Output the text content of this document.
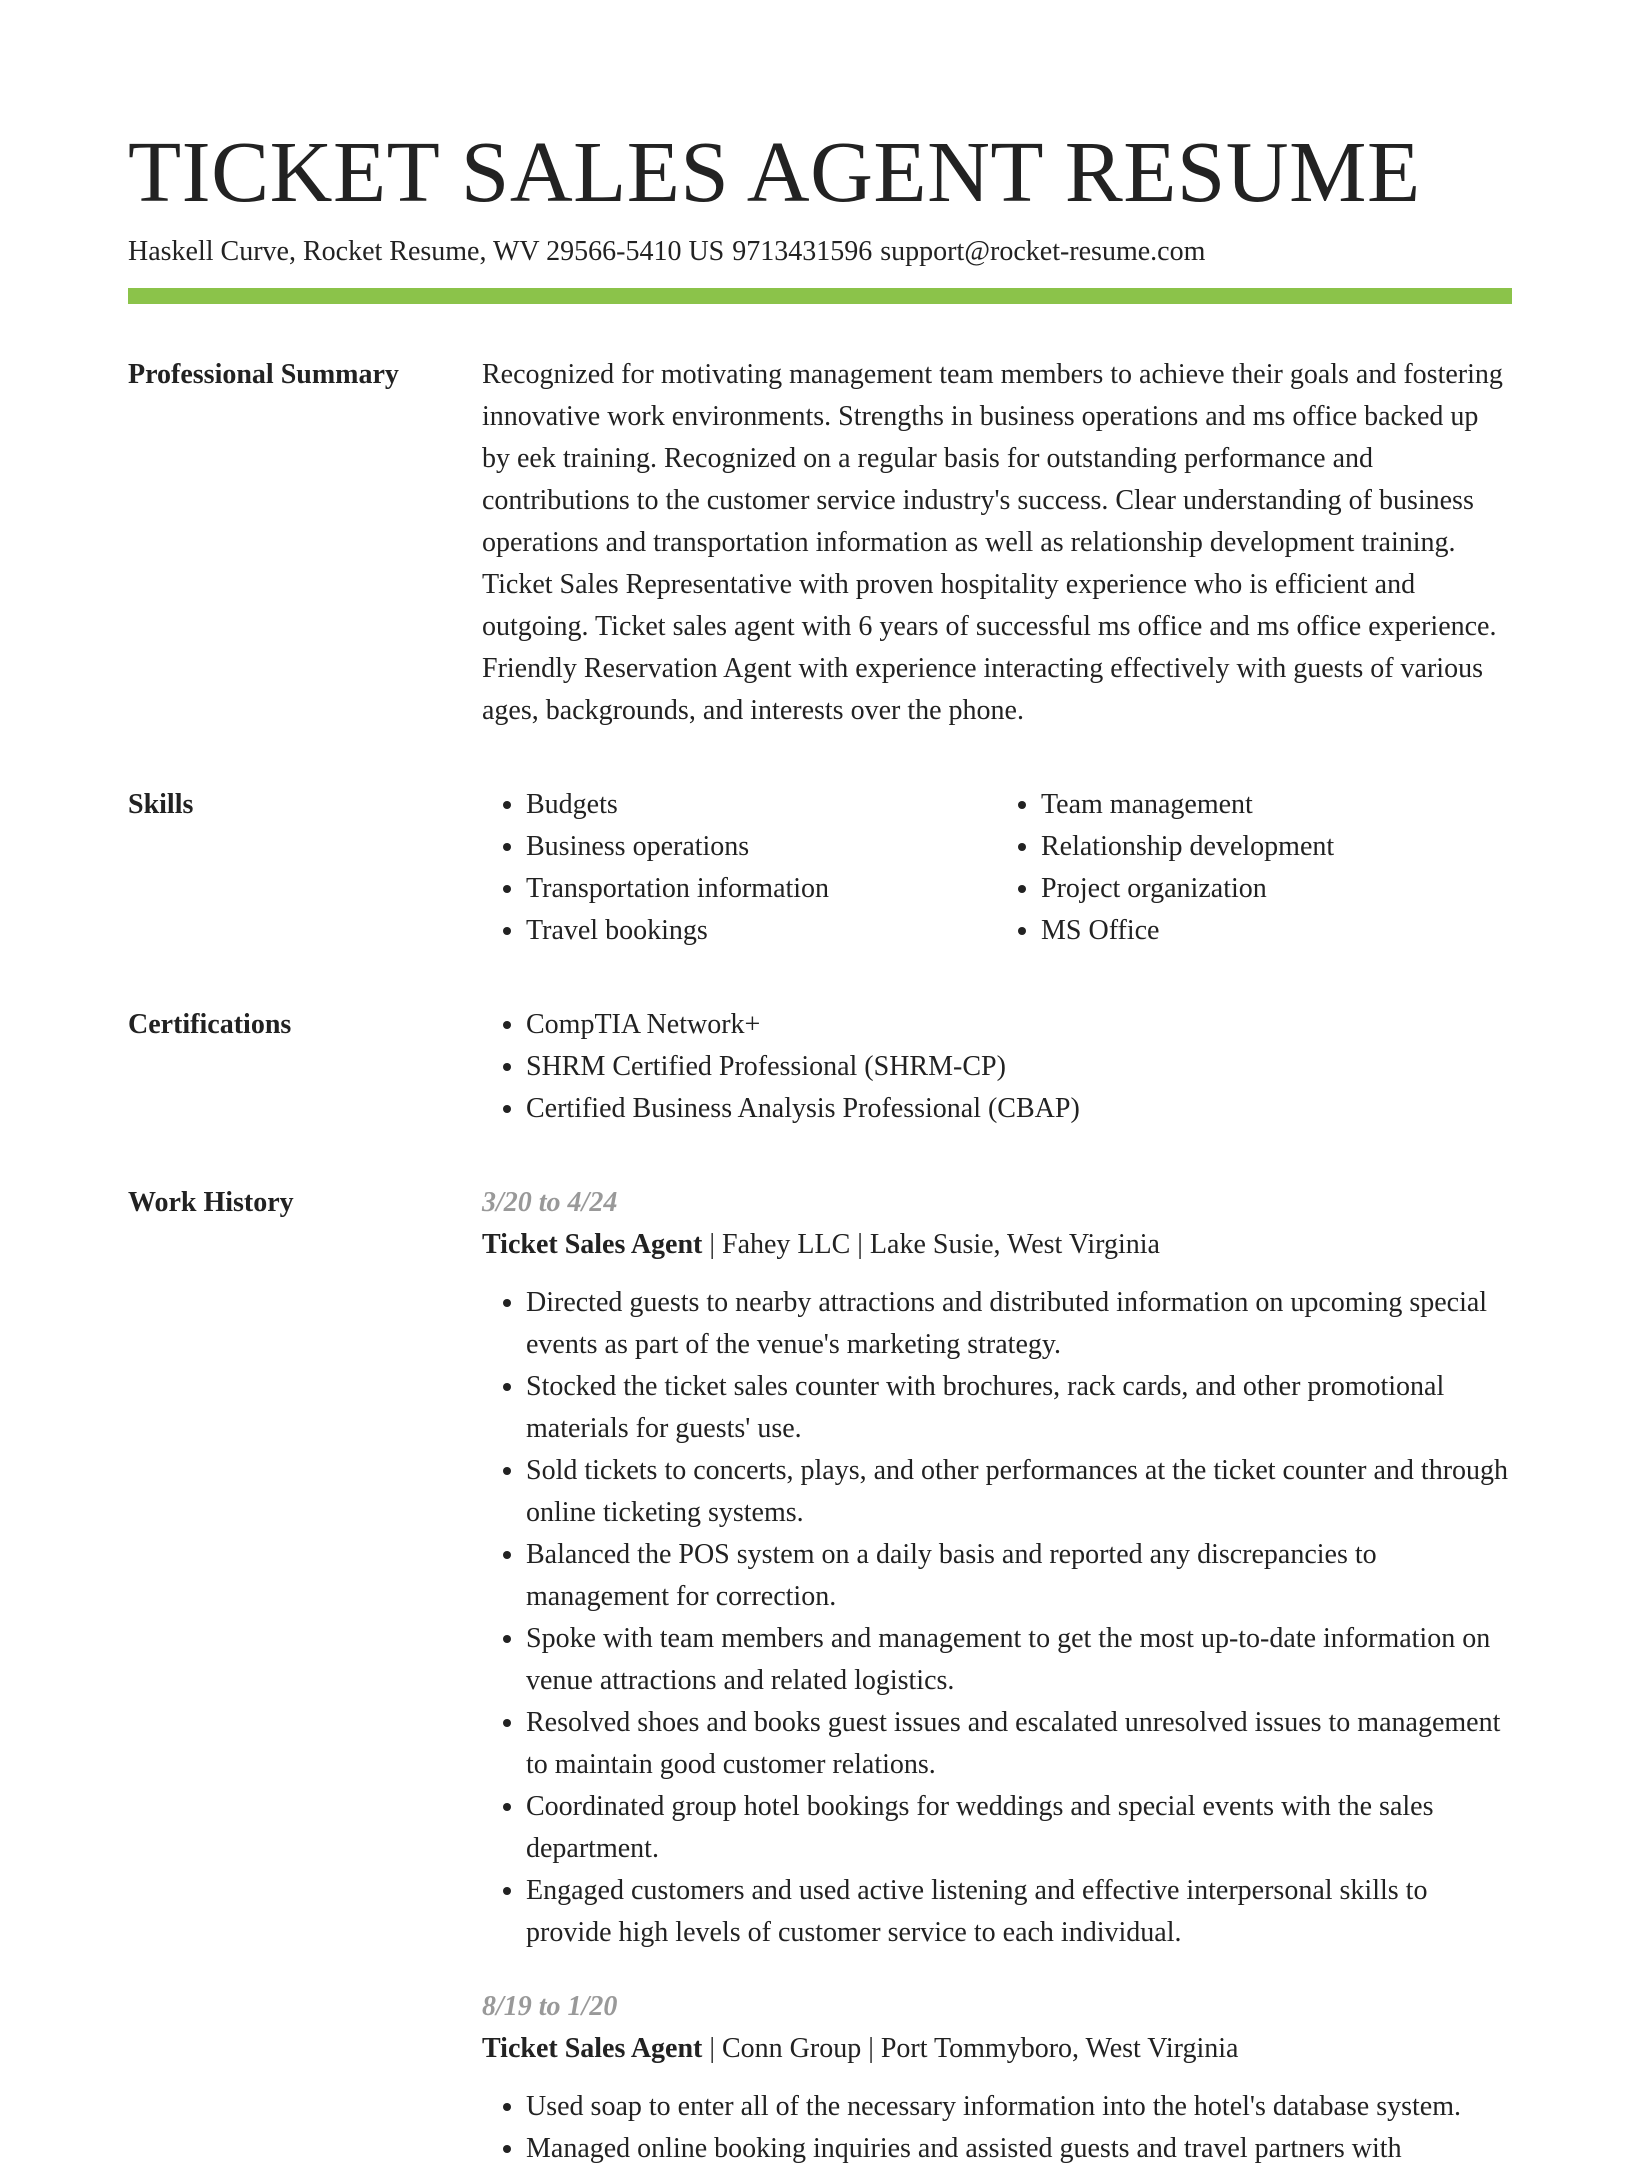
TICKET SALES AGENT RESUME
Haskell Curve, Rocket Resume, WV 29566-5410 US 9713431596 support@rocket-resume.com
Professional Summary	Recognized for motivating management team members to achieve their goals and fostering innovative work environments. Strengths in business operations and ms office backed up by eek training. Recognized on a regular basis for outstanding performance and contributions to the customer service industry's success. Clear understanding of business operations and transportation information as well as relationship development training. Ticket Sales Representative with proven hospitality experience who is efficient and outgoing. Ticket sales agent with 6 years of successful ms office and ms office experience. Friendly Reservation Agent with experience interacting effectively with guests of various ages, backgrounds, and interests over the phone.

Skills	• Budgets
• Business operations
• Transportation information
• Travel bookings
• Team management
• Relationship development
• Project organization
• MS Office
Certifications	• CompTIA Network+
• SHRM Certified Professional (SHRM-CP)
• Certified Business Analysis Professional (CBAP)
Work History	3/20 to 4/24
Ticket Sales Agent | Fahey LLC | Lake Susie, West Virginia
• Directed guests to nearby attractions and distributed information on upcoming special events as part of the venue's marketing strategy.
• Stocked the ticket sales counter with brochures, rack cards, and other promotional materials for guests' use.
• Sold tickets to concerts, plays, and other performances at the ticket counter and through online ticketing systems.
• Balanced the POS system on a daily basis and reported any discrepancies to management for correction.
• Spoke with team members and management to get the most up-to-date information on venue attractions and related logistics.
• Resolved shoes and books guest issues and escalated unresolved issues to management to maintain good customer relations.
• Coordinated group hotel bookings for weddings and special events with the sales department.
• Engaged customers and used active listening and effective interpersonal skills to provide high levels of customer service to each individual.
8/19 to 1/20
Ticket Sales Agent | Conn Group | Port Tommyboro, West Virginia
• Used soap to enter all of the necessary information into the hotel's database system.
• Managed online booking inquiries and assisted guests and travel partners with
